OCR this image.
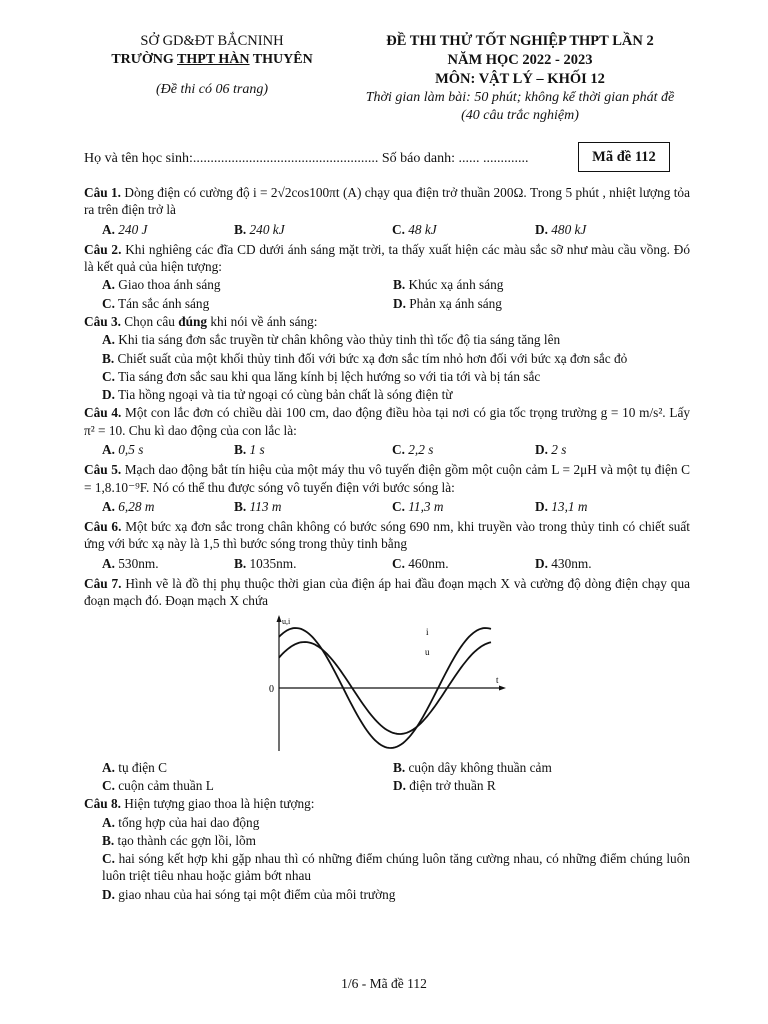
SỞ GD&ĐT BẮCNINH
TRƯỜNG THPT HÀN THUYÊN
(Đề thi có 06 trang)
ĐỀ THI THỬ TỐT NGHIỆP THPT LẦN 2
NĂM HỌC 2022 - 2023
MÔN: VẬT LÝ – KHỐI 12
Thời gian làm bài: 50 phút; không kể thời gian phát đề
(40 câu trắc nghiệm)
Họ và tên học sinh:..................................................... Số báo danh: ...... .............	Mã đề 112
Câu 1. Dòng điện có cường độ i = 2√2cos100πt (A) chạy qua điện trở thuần 200Ω. Trong 5 phút , nhiệt lượng tỏa ra trên điện trở là
A. 240 J	B. 240 kJ	C. 48 kJ	D. 480 kJ
Câu 2. Khi nghiêng các đĩa CD dưới ánh sáng mặt trời, ta thấy xuất hiện các màu sắc sỡ như màu cầu vồng. Đó là kết quả của hiện tượng:
A. Giao thoa ánh sáng	B. Khúc xạ ánh sáng
C. Tán sắc ánh sáng	D. Phản xạ ánh sáng
Câu 3. Chọn câu đúng khi nói về ánh sáng:
A. Khi tia sáng đơn sắc truyền từ chân không vào thủy tinh thì tốc độ tia sáng tăng lên
B. Chiết suất của một khối thủy tinh đối với bức xạ đơn sắc tím nhỏ hơn đối với bức xạ đơn sắc đỏ
C. Tia sáng đơn sắc sau khi qua lăng kính bị lệch hướng so với tia tới và bị tán sắc
D. Tia hồng ngoại và tia tử ngoại có cùng bản chất là sóng điện từ
Câu 4. Một con lắc đơn có chiều dài 100 cm, dao động điều hòa tại nơi có gia tốc trọng trường g = 10 m/s². Lấy π² = 10. Chu kì dao động của con lắc là:
A. 0,5 s	B. 1 s	C. 2,2 s	D. 2 s
Câu 5. Mạch dao động bắt tín hiệu của một máy thu vô tuyến điện gồm một cuộn cảm L = 2μH và một tụ điện C = 1,8.10⁻⁹F. Nó có thể thu được sóng vô tuyến điện với bước sóng là:
A. 6,28 m	B. 113 m	C. 11,3 m	D. 13,1 m
Câu 6. Một bức xạ đơn sắc trong chân không có bước sóng 690 nm, khi truyền vào trong thủy tinh có chiết suất ứng với bức xạ này là 1,5 thì bước sóng trong thủy tinh bằng
A. 530nm.	B. 1035nm.	C. 460nm.	D. 430nm.
Câu 7. Hình vẽ là đồ thị phụ thuộc thời gian của điện áp hai đầu đoạn mạch X và cường độ dòng điện chạy qua đoạn mạch đó. Đoạn mạch X chứa
u,i
t
0
i
u
A. tụ điện C	B. cuộn dây không thuần cảm
C. cuộn cảm thuần L	D. điện trở thuần R
Câu 8. Hiện tượng giao thoa là hiện tượng:
A. tổng hợp của hai dao động
B. tạo thành các gợn lồi, lõm
C. hai sóng kết hợp khi gặp nhau thì có những điểm chúng luôn tăng cường nhau, có những điểm chúng luôn luôn triệt tiêu nhau hoặc giảm bớt nhau
D. giao nhau của hai sóng tại một điểm của môi trường
1/6 - Mã đề 112
